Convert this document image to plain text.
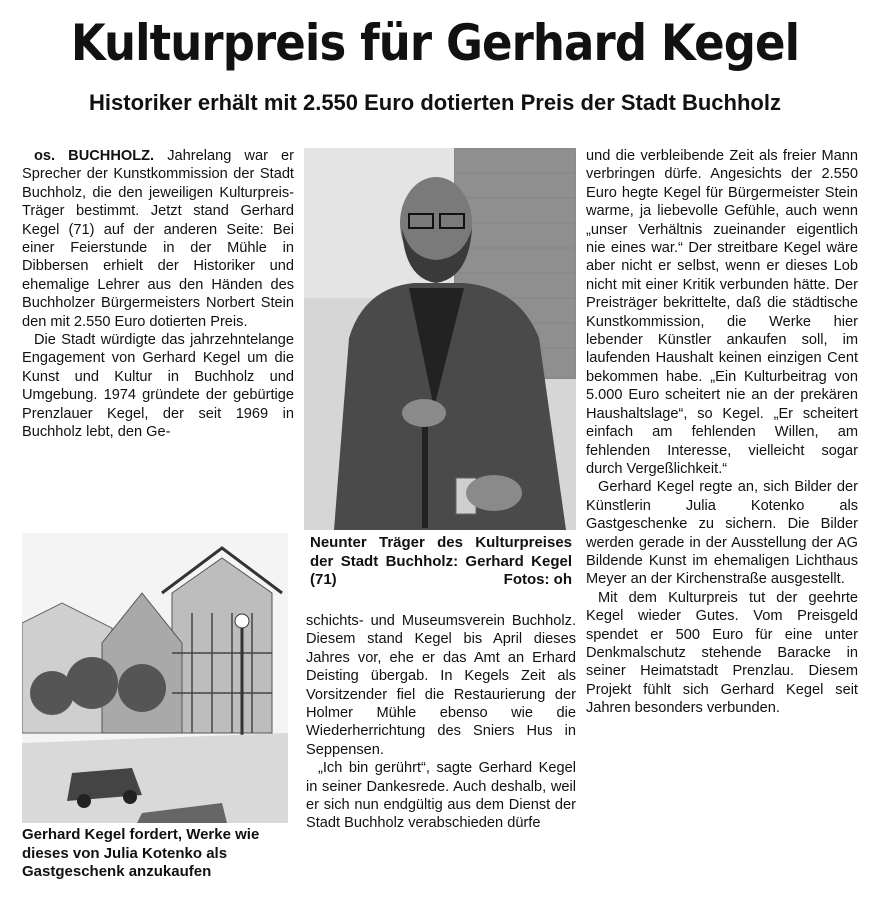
Kulturpreis für Gerhard Kegel
Historiker erhält mit 2.550 Euro dotierten Preis der Stadt Buchholz

os. BUCHHOLZ. Jahrelang war er Sprecher der Kunstkommission der Stadt Buchholz, die den jeweiligen Kulturpreis-Träger bestimmt. Jetzt stand Gerhard Kegel (71) auf der anderen Seite: Bei einer Feierstunde in der Mühle in Dibbersen erhielt der Historiker und ehemalige Lehrer aus den Händen des Buchholzer Bürgermeisters Norbert Stein den mit 2.550 Euro dotierten Preis.

Die Stadt würdigte das jahrzehntelange Engagement von Gerhard Kegel um die Kunst und Kultur in Buchholz und Umgebung. 1974 gründete der gebürtige Prenzlauer Kegel, der seit 1969 in Buchholz lebt, den Ge-

Neunter Träger des Kulturpreises der Stadt Buchholz: Gerhard Kegel (71)	Fotos: oh
Gerhard Kegel fordert, Werke wie dieses von Julia Kotenko als Gastgeschenk anzukaufen

schichts- und Museumsverein Buchholz. Diesem stand Kegel bis April dieses Jahres vor, ehe er das Amt an Erhard Deisting übergab. In Kegels Zeit als Vorsitzender fiel die Restaurierung der Holmer Mühle ebenso wie die Wiederherrichtung des Sniers Hus in Seppensen.

„Ich bin gerührt“, sagte Gerhard Kegel in seiner Dankesrede. Auch deshalb, weil er sich nun endgültig aus dem Dienst der Stadt Buchholz verabschieden dürfe

und die verbleibende Zeit als freier Mann verbringen dürfe. Angesichts der 2.550 Euro hegte Kegel für Bürgermeister Stein warme, ja liebevolle Gefühle, auch wenn „unser Verhältnis zueinander eigentlich nie eines war.“ Der streitbare Kegel wäre aber nicht er selbst, wenn er dieses Lob nicht mit einer Kritik verbunden hätte. Der Preisträger bekrittelte, daß die städtische Kunstkommission, die Werke hier lebender Künstler ankaufen soll, im laufenden Haushalt keinen einzigen Cent bekommen habe. „Ein Kulturbeitrag von 5.000 Euro scheitert nie an der prekären Haushaltslage“, so Kegel. „Er scheitert einfach am fehlenden Willen, am fehlenden Interesse, vielleicht sogar durch Vergeßlichkeit.“

Gerhard Kegel regte an, sich Bilder der Künstlerin Julia Kotenko als Gastgeschenke zu sichern. Die Bilder werden gerade in der Ausstellung der AG Bildende Kunst im ehemaligen Lichthaus Meyer an der Kirchenstraße ausgestellt.

Mit dem Kulturpreis tut der geehrte Kegel wieder Gutes. Vom Preisgeld spendet er 500 Euro für eine unter Denkmalschutz stehende Baracke in seiner Heimatstadt Prenzlau. Diesem Projekt fühlt sich Gerhard Kegel seit Jahren besonders verbunden.
